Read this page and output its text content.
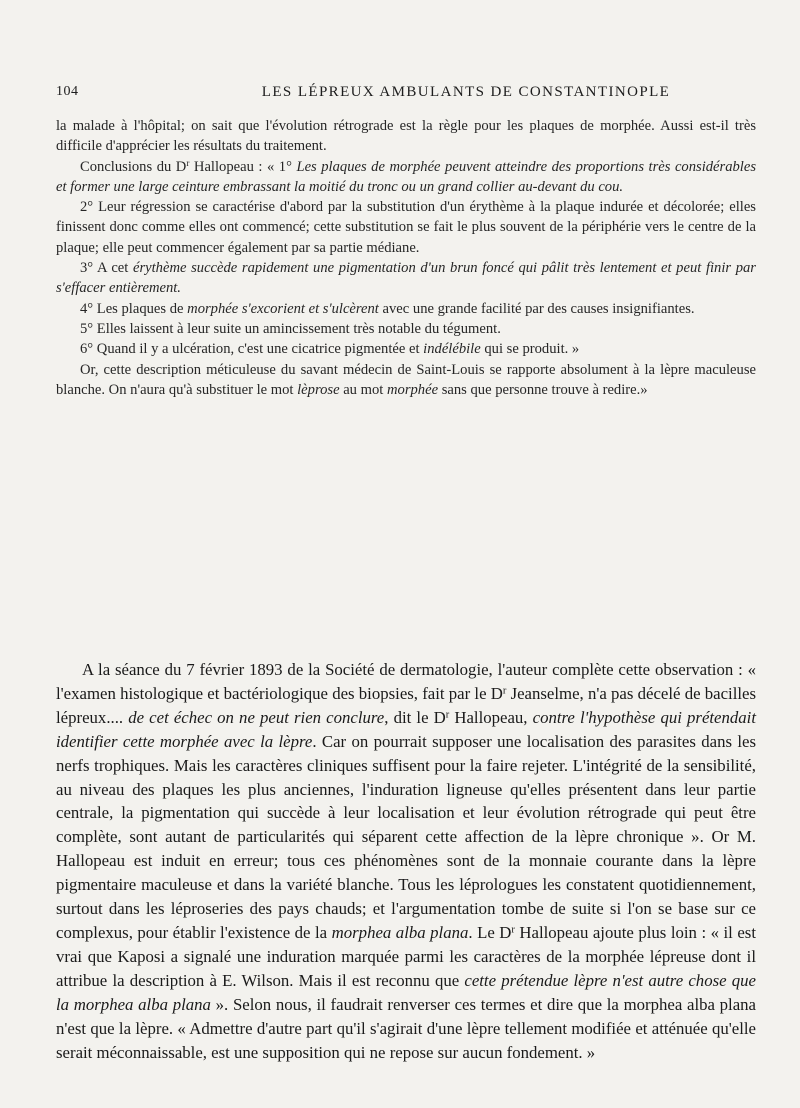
104	LES LÉPREUX AMBULANTS DE CONSTANTINOPLE

la malade à l'hôpital; on sait que l'évolution rétrograde est la règle pour les plaques de morphée. Aussi est-il très difficile d'apprécier les résultats du traitement.

Conclusions du $D^r$ Hallopeau : « 1° Les plaques de morphée peuvent atteindre des proportions très considérables et former une large ceinture embrassant la moitié du tronc ou un grand collier au-devant du cou.

2° Leur régression se caractérise d'abord par la substitution d'un érythème à la plaque indurée et décolorée; elles finissent donc comme elles ont commencé; cette substitution se fait le plus souvent de la périphérie vers le centre de la plaque; elle peut commencer également par sa partie médiane.

3° A cet érythème succède rapidement une pigmentation d'un brun foncé qui pâlit très lentement et peut finir par s'effacer entièrement.

4° Les plaques de morphée s'excorient et s'ulcèrent avec une grande facilité par des causes insignifiantes.

5° Elles laissent à leur suite un amincissement très notable du tégument.

6° Quand il y a ulcération, c'est une cicatrice pigmentée et indélébile qui se produit. »

Or, cette description méticuleuse du savant médecin de Saint-Louis se rapporte absolument à la lèpre maculeuse blanche. On n'aura qu'à substituer le mot lèprose au mot morphée sans que personne trouve à redire.»

A la séance du 7 février 1893 de la Société de dermatologie, l'auteur complète cette observation : « l'examen histologique et bactériologique des biopsies, fait par le $D^r$ Jeanselme, n'a pas décelé de bacilles lépreux.... de cet échec on ne peut rien conclure, dit le $D^r$ Hallopeau, contre l'hypothèse qui prétendait identifier cette morphée avec la lèpre. Car on pourrait supposer une localisation des parasites dans les nerfs trophiques. Mais les caractères cliniques suffisent pour la faire rejeter. L'intégrité de la sensibilité, au niveau des plaques les plus anciennes, l'induration ligneuse qu'elles présentent dans leur partie centrale, la pigmentation qui succède à leur localisation et leur évolution rétrograde qui peut être complète, sont autant de particularités qui séparent cette affection de la lèpre chronique ». Or M. Hallopeau est induit en erreur; tous ces phénomènes sont de la monnaie courante dans la lèpre pigmentaire maculeuse et dans la variété blanche. Tous les léprologues les constatent quotidiennement, surtout dans les léproseries des pays chauds; et l'argumentation tombe de suite si l'on se base sur ce complexus, pour établir l'existence de la morphea alba plana. Le $D^r$ Hallopeau ajoute plus loin : « il est vrai que Kaposi a signalé une induration marquée parmi les caractères de la morphée lépreuse dont il attribue la description à E. Wilson. Mais il est reconnu que cette prétendue lèpre n'est autre chose que la morphea alba plana ». Selon nous, il faudrait renverser ces termes et dire que la morphea alba plana n'est que la lèpre. « Admettre d'autre part qu'il s'agirait d'une lèpre tellement modifiée et atténuée qu'elle serait méconnaissable, est une supposition qui ne repose sur aucun fondement. »
